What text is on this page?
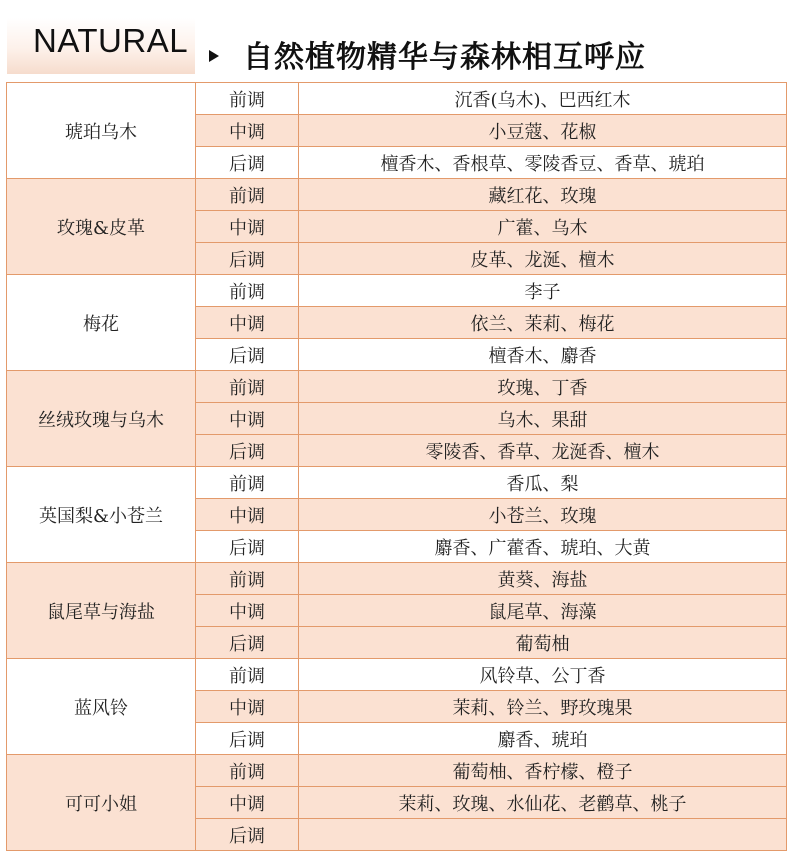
NATURAL 自然植物精华与森林相互呼应
琥珀乌木	前调	沉香(乌木)、巴西红木
	中调	小豆蔻、花椒
	后调	檀香木、香根草、零陵香豆、香草、琥珀
玫瑰&皮革	前调	藏红花、玫瑰
	中调	广藿、乌木
	后调	皮革、龙涎、檀木
梅花	前调	李子
	中调	依兰、茉莉、梅花
	后调	檀香木、麝香
丝绒玫瑰与乌木	前调	玫瑰、丁香
	中调	乌木、果甜
	后调	零陵香、香草、龙涎香、檀木
英国梨&小苍兰	前调	香瓜、梨
	中调	小苍兰、玫瑰
	后调	麝香、广藿香、琥珀、大黄
鼠尾草与海盐	前调	黄葵、海盐
	中调	鼠尾草、海藻
	后调	葡萄柚
蓝风铃	前调	风铃草、公丁香
	中调	茉莉、铃兰、野玫瑰果
	后调	麝香、琥珀
可可小姐	前调	葡萄柚、香柠檬、橙子
	中调	茉莉、玫瑰、水仙花、老鹳草、桃子
	后调	
